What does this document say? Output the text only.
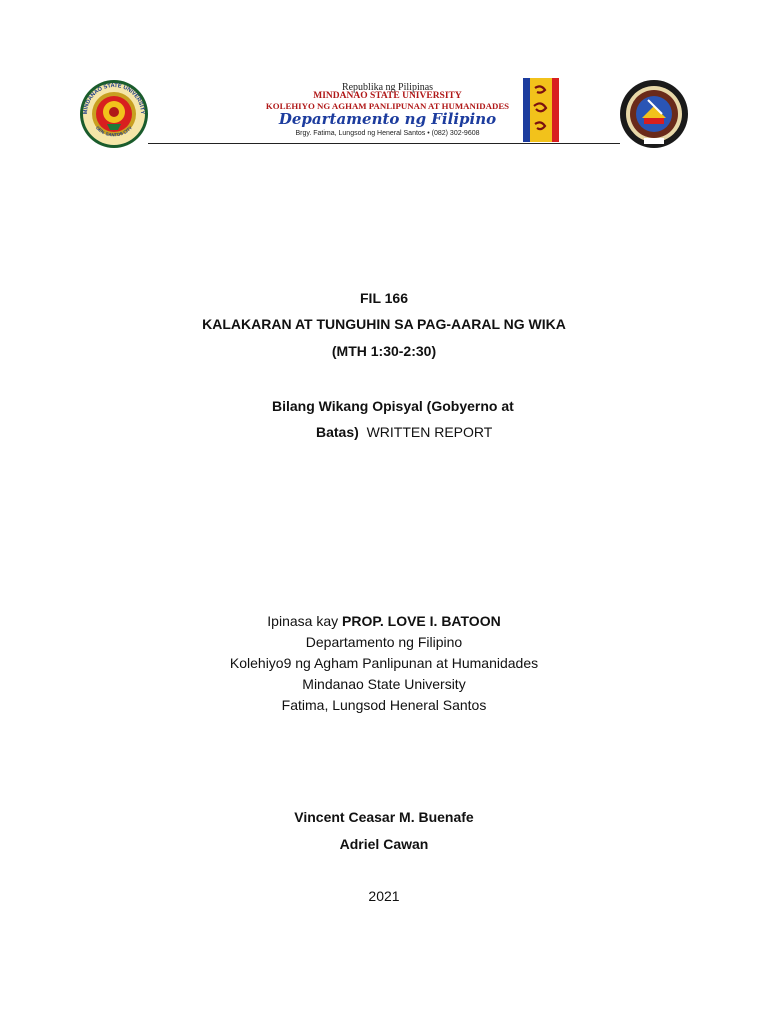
MINDANAO STATE UNIVERSITY
GEN. SANTOS CITY
Republika ng Pilipinas
MINDANAO STATE UNIVERSITY
KOLEHIYO NG AGHAM PANLIPUNAN AT HUMANIDADES
Departamento ng Filipino
Brgy. Fatima, Lungsod ng Heneral Santos • (082) 302-9608
FIL 166
KALAKARAN AT TUNGUHIN SA PAG-AARAL NG WIKA
(MTH 1:30-2:30)
Bilang Wikang Opisyal (Gobyerno at
Batas) WRITTEN REPORT
Ipinasa kay PROP. LOVE I. BATOON
Departamento ng Filipino
Kolehiyo9 ng Agham Panlipunan at Humanidades
Mindanao State University
Fatima, Lungsod Heneral Santos
Vincent Ceasar M. Buenafe
Adriel Cawan
2021
